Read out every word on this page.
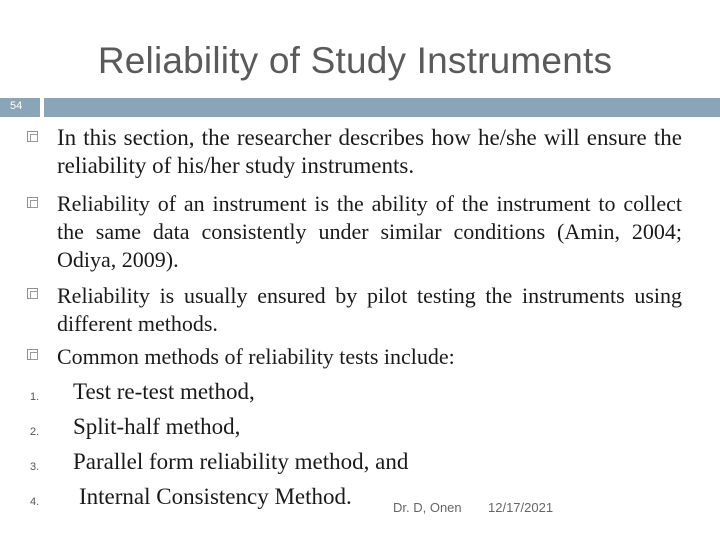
Reliability of Study Instruments
54
In this section, the researcher describes how he/she will ensure the reliability of his/her study instruments.
Reliability of an instrument is the ability of the instrument to collect the same data consistently under similar conditions (Amin, 2004; Odiya, 2009).
Reliability is usually ensured by pilot testing the instruments using different methods.
Common methods of reliability tests include:
1. Test re-test method,
2. Split-half method,
3. Parallel form reliability method, and
4. Internal Consistency Method.	Dr. D, Onen 12/17/2021
